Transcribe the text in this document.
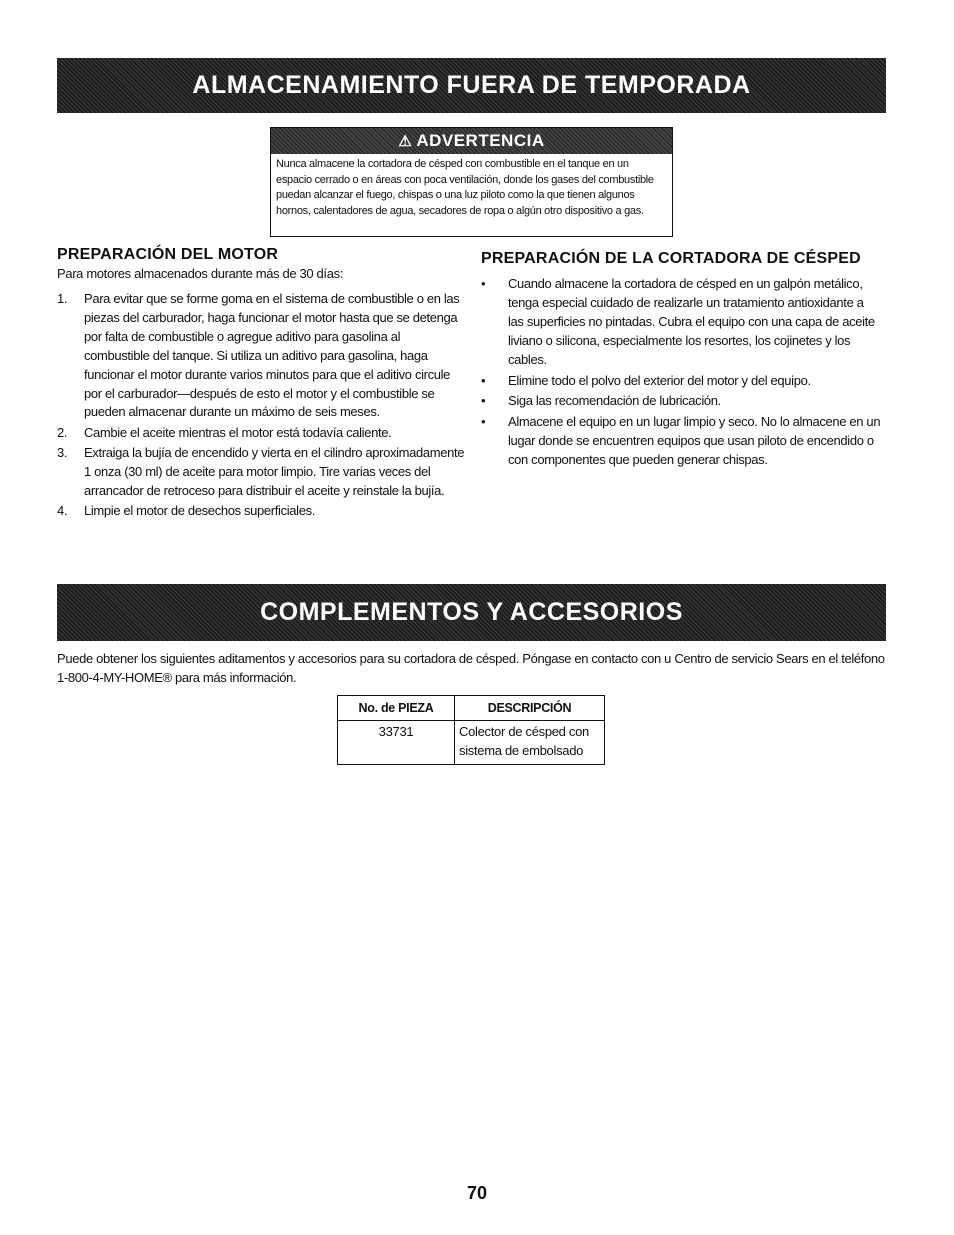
ALMACENAMIENTO FUERA DE TEMPORADA
⚠ ADVERTENCIA
Nunca almacene la cortadora de césped con combustible en el tanque en un espacio cerrado o en áreas con poca ventilación, donde los gases del combustible puedan alcanzar el fuego, chispas o una luz piloto como la que tienen algunos hornos, calentadores de agua, secadores de ropa o algún otro dispositivo a gas.
PREPARACIÓN DEL MOTOR
Para motores almacenados durante más de 30 días:
1. Para evitar que se forme goma en el sistema de combustible o en las piezas del carburador, haga funcionar el motor hasta que se detenga por falta de combustible o agregue aditivo para gasolina al combustible del tanque. Si utiliza un aditivo para gasolina, haga funcionar el motor durante varios minutos para que el aditivo circule por el carburador—después de esto el motor y el combustible se pueden almacenar durante un máximo de seis meses.
2. Cambie el aceite mientras el motor está todavía caliente.
3. Extraiga la bujía de encendido y vierta en el cilindro aproximadamente 1 onza (30 ml) de aceite para motor limpio. Tire varias veces del arrancador de retroceso para distribuir el aceite y reinstale la bujía.
4. Limpie el motor de desechos superficiales.
PREPARACIÓN DE LA CORTADORA DE CÉSPED
• Cuando almacene la cortadora de césped en un galpón metálico, tenga especial cuidado de realizarle un tratamiento antioxidante a las superficies no pintadas. Cubra el equipo con una capa de aceite liviano o silicona, especialmente los resortes, los cojinetes y los cables.
• Elimine todo el polvo del exterior del motor y del equipo.
• Siga las recomendación de lubricación.
• Almacene el equipo en un lugar limpio y seco. No lo almacene en un lugar donde se encuentren equipos que usan piloto de encendido o con componentes que pueden generar chispas.
COMPLEMENTOS Y ACCESORIOS
Puede obtener los siguientes aditamentos y accesorios para su cortadora de césped. Póngase en contacto con u Centro de servicio Sears en el teléfono 1-800-4-MY-HOME® para más información.
No. de PIEZA	DESCRIPCIÓN
33731	Colector de césped con sistema de embolsado
70
